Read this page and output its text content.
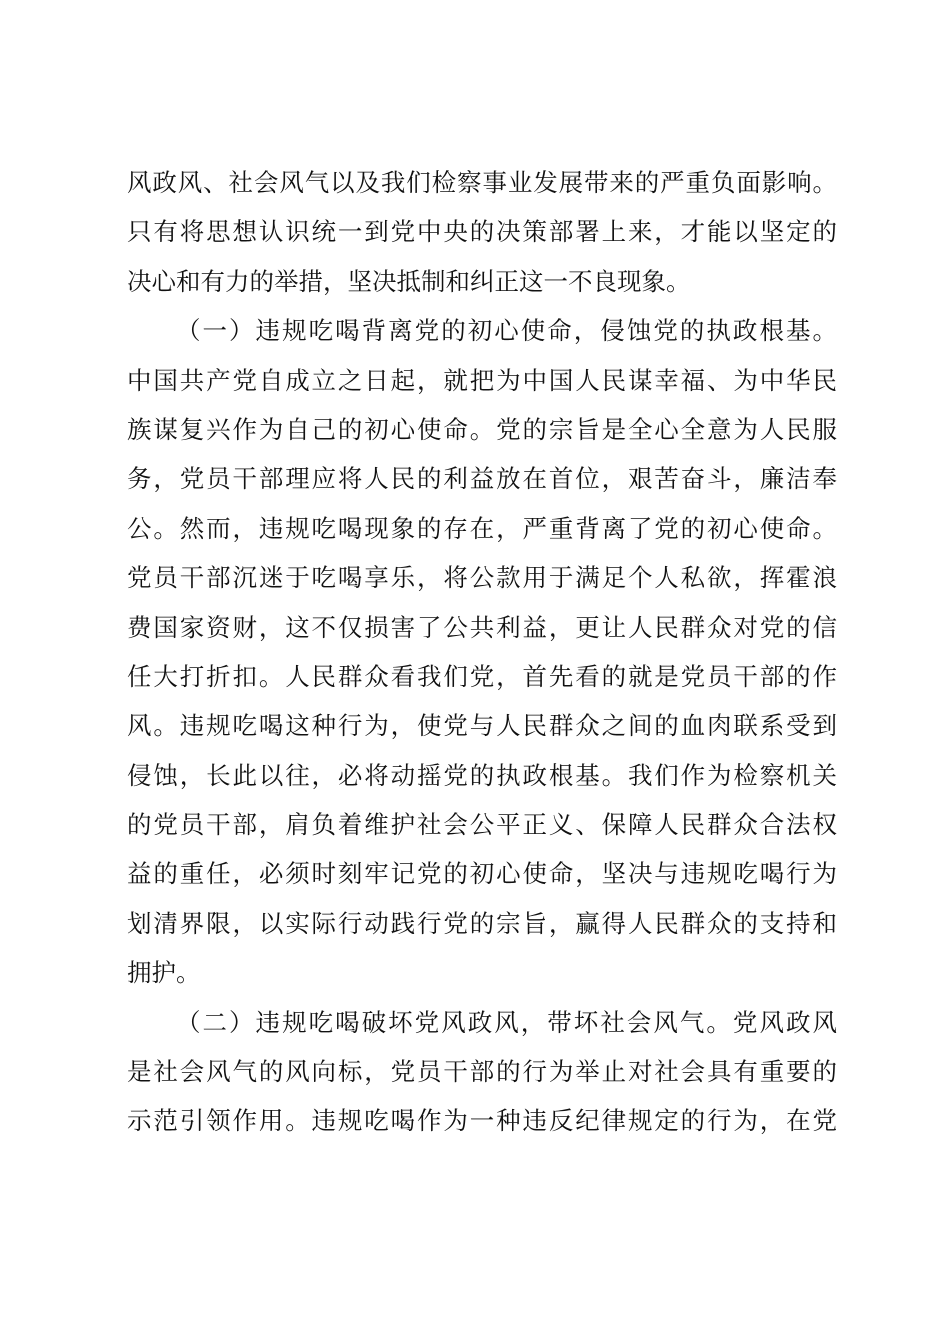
风政风、社会风气以及我们检察事业发展带来的严重负面影响。
只有将思想认识统一到党中央的决策部署上来，才能以坚定的
决心和有力的举措，坚决抵制和纠正这一不良现象。
（一）违规吃喝背离党的初心使命，侵蚀党的执政根基。
中国共产党自成立之日起，就把为中国人民谋幸福、为中华民
族谋复兴作为自己的初心使命。党的宗旨是全心全意为人民服
务，党员干部理应将人民的利益放在首位，艰苦奋斗，廉洁奉
公。然而，违规吃喝现象的存在，严重背离了党的初心使命。
党员干部沉迷于吃喝享乐，将公款用于满足个人私欲，挥霍浪
费国家资财，这不仅损害了公共利益，更让人民群众对党的信
任大打折扣。人民群众看我们党，首先看的就是党员干部的作
风。违规吃喝这种行为，使党与人民群众之间的血肉联系受到
侵蚀，长此以往，必将动摇党的执政根基。我们作为检察机关
的党员干部，肩负着维护社会公平正义、保障人民群众合法权
益的重任，必须时刻牢记党的初心使命，坚决与违规吃喝行为
划清界限，以实际行动践行党的宗旨，赢得人民群众的支持和
拥护。
（二）违规吃喝破坏党风政风，带坏社会风气。党风政风
是社会风气的风向标，党员干部的行为举止对社会具有重要的
示范引领作用。违规吃喝作为一种违反纪律规定的行为，在党
